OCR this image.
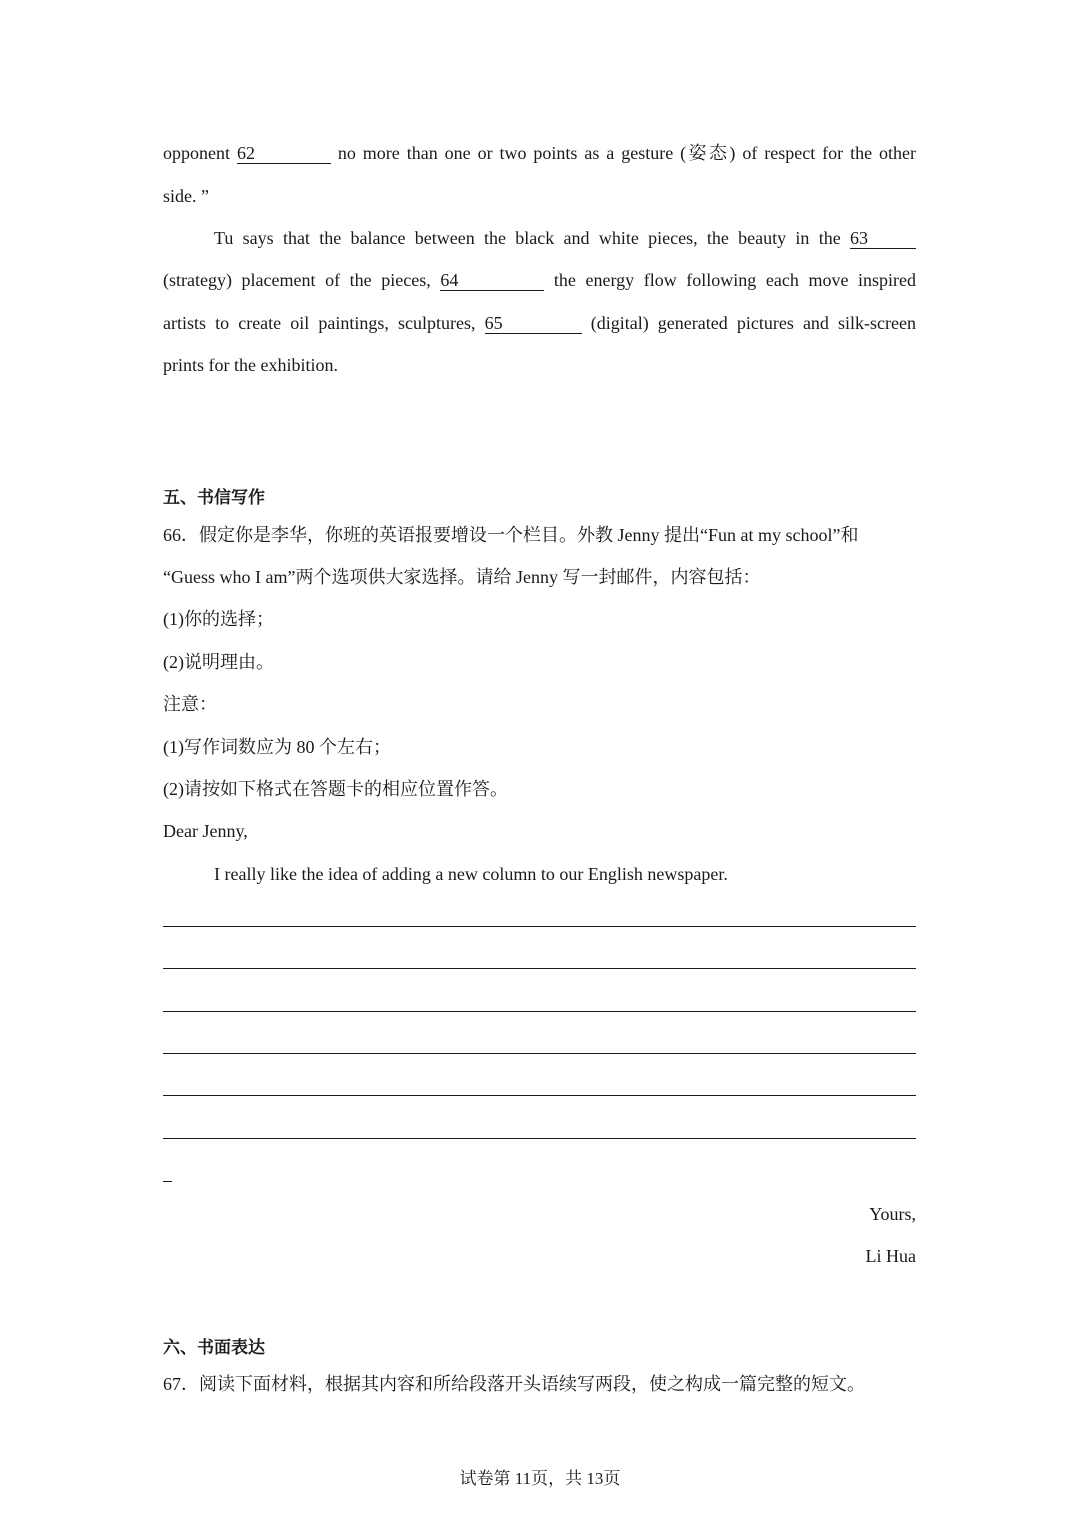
opponent 62	no more than one or two points as a gesture (姿态) of respect for the other
side. ”
Tu says that the balance between the black and white pieces, the beauty in the 63
(strategy) placement of the pieces, 64	the energy flow following each move inspired
artists to create oil paintings, sculptures, 65	(digital) generated pictures and silk-screen
prints for the exhibition.
五、书信写作
66．假定你是李华，你班的英语报要增设一个栏目。外教 Jenny 提出“Fun at my school”和
“Guess who I am”两个选项供大家选择。请给 Jenny 写一封邮件，内容包括：
(1)你的选择；
(2)说明理由。
注意：
(1)写作词数应为 80 个左右；
(2)请按如下格式在答题卡的相应位置作答。
Dear Jenny,
I really like the idea of adding a new column to our English newspaper.
Yours,
Li Hua
六、书面表达
67．阅读下面材料，根据其内容和所给段落开头语续写两段，使之构成一篇完整的短文。
试卷第 11页，共 13页
